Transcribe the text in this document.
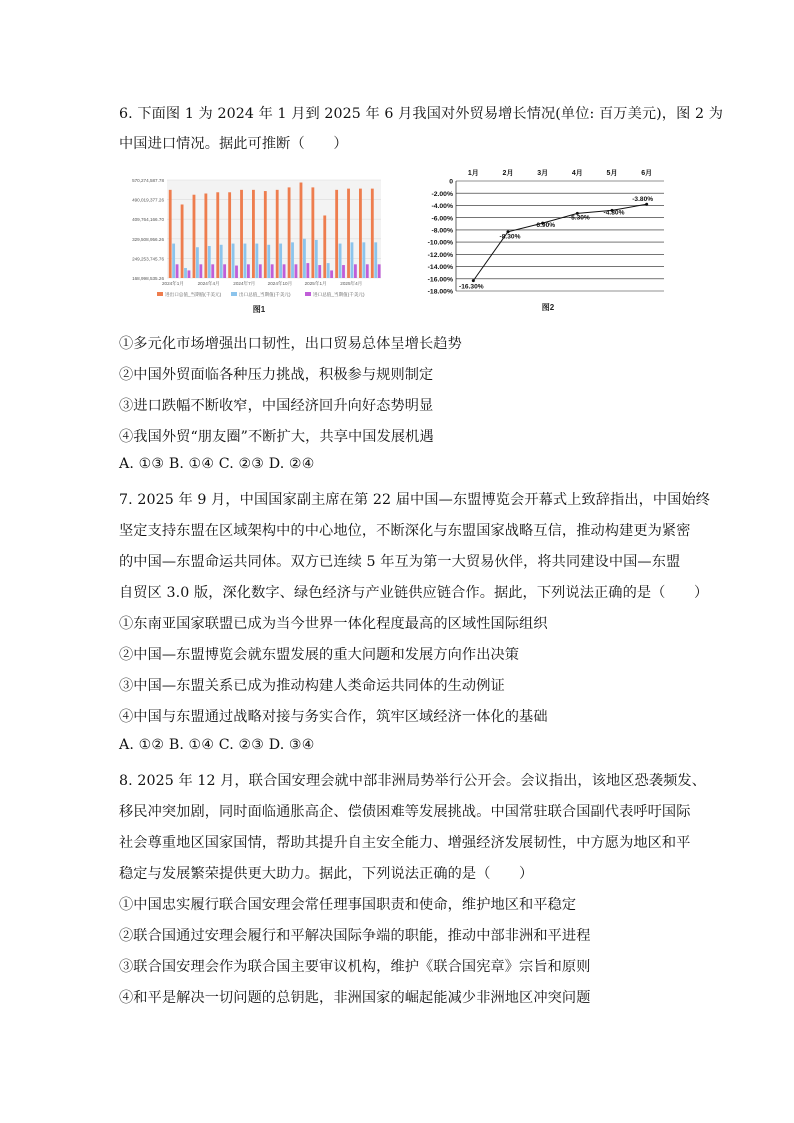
6. 下面图 1 为 2024 年 1 月到 2025 年 6 月我国对外贸易增长情况(单位: 百万美元)，图 2 为
中国进口情况。据此可推断（　　）
570,274,587.78
490,019,377.26
409,764,166.70
329,508,956.26
249,253,745.76
168,998,535.26
2024年1月	2024年4月	2024年7月	2024年10月	2025年1月	2025年4月
进出口总值_当期值(千美元)	出口总值_当期值(千美元)	进口总值_当期值(千美元)
图1
0
-2.00%
-4.00%
-6.00%
-8.00%
-10.00%
-12.00%
-14.00%
-16.00%
-18.00%
1月	2月	3月	4月	5月	6月
-16.30%
-8.30%
-6.90%
-5.30%
-4.80%
-3.80%
图2
①多元化市场增强出口韧性，出口贸易总体呈增长趋势
②中国外贸面临各种压力挑战，积极参与规则制定
③进口跌幅不断收窄，中国经济回升向好态势明显
④我国外贸“朋友圈”不断扩大，共享中国发展机遇
A. ①③ B. ①④ C. ②③ D. ②④
7. 2025 年 9 月，中国国家副主席在第 22 届中国—东盟博览会开幕式上致辞指出，中国始终
坚定支持东盟在区域架构中的中心地位，不断深化与东盟国家战略互信，推动构建更为紧密
的中国—东盟命运共同体。双方已连续 5 年互为第一大贸易伙伴，将共同建设中国—东盟
自贸区 3.0 版，深化数字、绿色经济与产业链供应链合作。据此，下列说法正确的是（　　）
①东南亚国家联盟已成为当今世界一体化程度最高的区域性国际组织
②中国—东盟博览会就东盟发展的重大问题和发展方向作出决策
③中国—东盟关系已成为推动构建人类命运共同体的生动例证
④中国与东盟通过战略对接与务实合作，筑牢区域经济一体化的基础
A. ①② B. ①④ C. ②③ D. ③④
8. 2025 年 12 月，联合国安理会就中部非洲局势举行公开会。会议指出，该地区恐袭频发、
移民冲突加剧，同时面临通胀高企、偿债困难等发展挑战。中国常驻联合国副代表呼吁国际
社会尊重地区国家国情，帮助其提升自主安全能力、增强经济发展韧性，中方愿为地区和平
稳定与发展繁荣提供更大助力。据此，下列说法正确的是（　　）
①中国忠实履行联合国安理会常任理事国职责和使命，维护地区和平稳定
②联合国通过安理会履行和平解决国际争端的职能，推动中部非洲和平进程
③联合国安理会作为联合国主要审议机构，维护《联合国宪章》宗旨和原则
④和平是解决一切问题的总钥匙，非洲国家的崛起能减少非洲地区冲突问题
